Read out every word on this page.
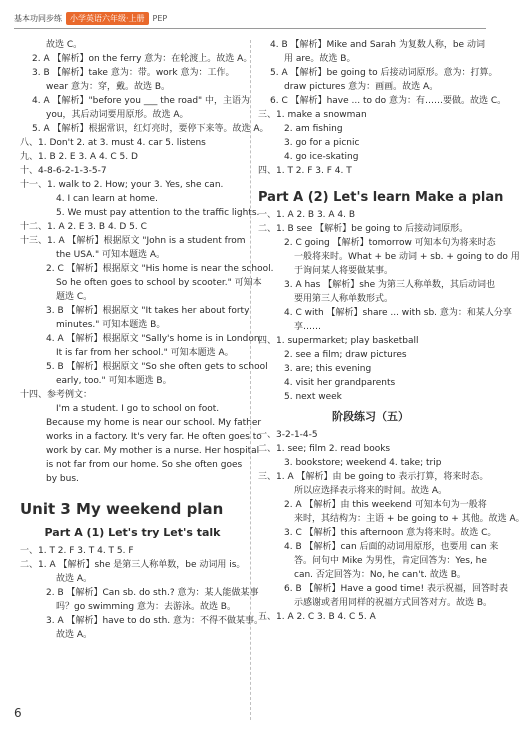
基本功同步练	小学英语六年级·上册	PEP
故选 C。
2. A 【解析】on the ferry 意为：在轮渡上。故选 A。
3. B 【解析】take 意为：带。work 意为：工作。
wear 意为：穿，戴。故选 B。
4. A 【解析】"before you ___ the road" 中，主语为
you，其后动词要用原形。故选 A。
5. A 【解析】根据常识，红灯亮时，要停下来等。故选 A。
八、1. Don't 2. at 3. must 4. car 5. listens
九、1. B 2. E 3. A 4. C 5. D
十、4-8-6-2-1-3-5-7
十一、1. walk to 2. How; your 3. Yes, she can.
4. I can learn at home.
5. We must pay attention to the traffic lights.
十二、1. A 2. E 3. B 4. D 5. C
十三、1. A 【解析】根据原文 "John is a student from
the USA." 可知本题选 A。
2. C 【解析】根据原文 "His home is near the school.
So he often goes to school by scooter." 可知本
题选 C。
3. B 【解析】根据原文 "It takes her about forty
minutes." 可知本题选 B。
4. A 【解析】根据原文 "Sally's home is in London.
It is far from her school." 可知本题选 A。
5. B 【解析】根据原文 "So she often gets to school
early, too." 可知本题选 B。
十四、参考例文：
I'm a student. I go to school on foot.
Because my home is near our school. My father
works in a factory. It's very far. He often goes to
work by car. My mother is a nurse. Her hospital
is not far from our home. So she often goes
by bus.
Unit 3 My weekend plan
Part A (1) Let's try Let's talk
一、1. T 2. F 3. T 4. T 5. F
二、1. A 【解析】she 是第三人称单数，be 动词用 is。
故选 A。
2. B 【解析】Can sb. do sth.? 意为：某人能做某事
吗？go swimming 意为：去游泳。故选 B。
3. A 【解析】have to do sth. 意为：不得不做某事。
故选 A。
4. B 【解析】Mike and Sarah 为复数人称，be 动词
用 are。故选 B。
5. A 【解析】be going to 后接动词原形。意为：打算。
draw pictures 意为：画画。故选 A。
6. C 【解析】have ... to do 意为：有……要做。故选 C。
三、1. make a snowman
2. am fishing
3. go for a picnic
4. go ice-skating
四、1. T 2. F 3. F 4. T
Part A (2) Let's learn Make a plan
一、1. A 2. B 3. A 4. B
二、1. B see 【解析】be going to 后接动词原形。
2. C going 【解析】tomorrow 可知本句为将来时态
一般将来时。What + be 动词 + sb. + going to do 用
于询问某人将要做某事。
3. A has 【解析】she 为第三人称单数，其后动词也
要用第三人称单数形式。
4. C with 【解析】share ... with sb. 意为：和某人分享
享……
四、1. supermarket; play basketball
2. see a film; draw pictures
3. are; this evening
4. visit her grandparents
5. next week
阶段练习（五）
一、3-2-1-4-5
二、1. see; film 2. read books
3. bookstore; weekend 4. take; trip
三、1. A 【解析】由 be going to 表示打算，将来时态。
所以应选择表示将来的时间。故选 A。
2. A 【解析】由 this weekend 可知本句为一般将
来时，其结构为：主语 + be going to + 其他。故选 A。
3. C 【解析】this afternoon 意为将来时。故选 C。
4. B 【解析】can 后面的动词用原形，也要用 can 来
答。问句中 Mike 为男性，肯定回答为：Yes, he
can. 否定回答为：No, he can't. 故选 B。
6. B 【解析】Have a good time! 表示祝福，回答时表
示感谢或者用同样的祝福方式回答对方。故选 B。
五、1. A 2. C 3. B 4. C 5. A
6
